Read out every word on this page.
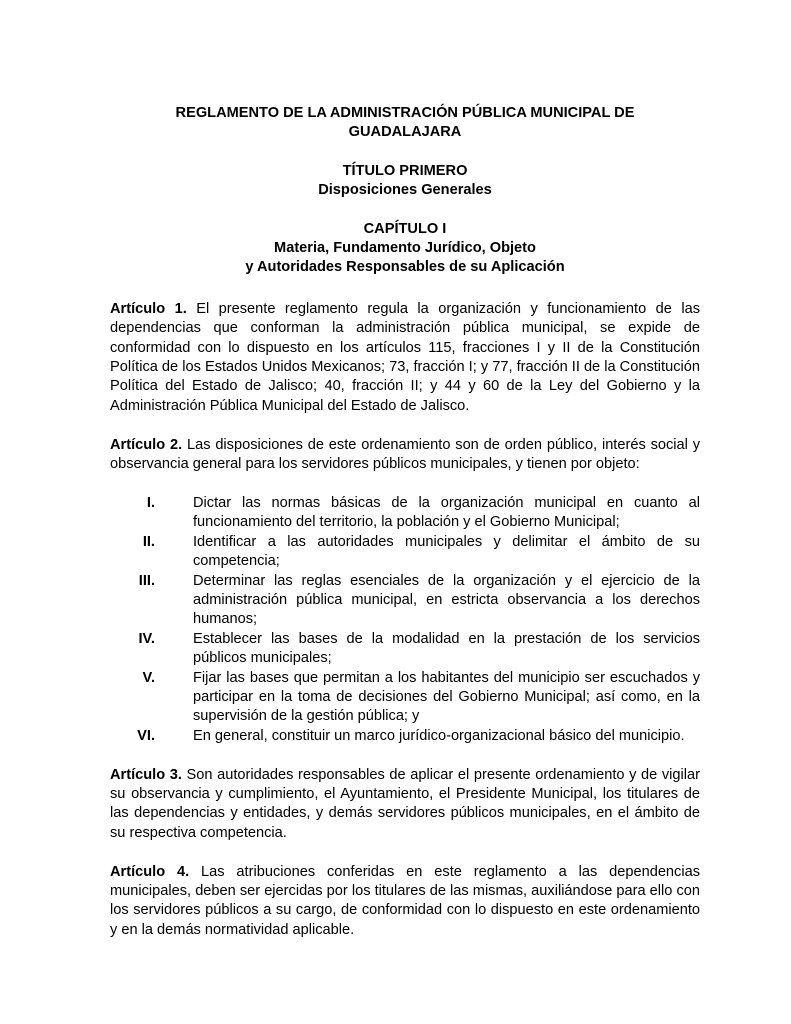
REGLAMENTO DE LA ADMINISTRACIÓN PÚBLICA MUNICIPAL DE
GUADALAJARA
TÍTULO PRIMERO
Disposiciones Generales
CAPÍTULO I
Materia, Fundamento Jurídico, Objeto
y Autoridades Responsables de su Aplicación

Artículo 1. El presente reglamento regula la organización y funcionamiento de las dependencias que conforman la administración pública municipal, se expide de conformidad con lo dispuesto en los artículos 115, fracciones I y II de la Constitución Política de los Estados Unidos Mexicanos; 73, fracción I; y 77, fracción II de la Constitución Política del Estado de Jalisco; 40, fracción II; y 44 y 60 de la Ley del Gobierno y la Administración Pública Municipal del Estado de Jalisco.

Artículo 2. Las disposiciones de este ordenamiento son de orden público, interés social y observancia general para los servidores públicos municipales, y tienen por objeto:

I.	Dictar las normas básicas de la organización municipal en cuanto al funcionamiento del territorio, la población y el Gobierno Municipal;
II.	Identificar a las autoridades municipales y delimitar el ámbito de su competencia;
III.	Determinar las reglas esenciales de la organización y el ejercicio de la administración pública municipal, en estricta observancia a los derechos humanos;
IV.	Establecer las bases de la modalidad en la prestación de los servicios públicos municipales;
V.	Fijar las bases que permitan a los habitantes del municipio ser escuchados y participar en la toma de decisiones del Gobierno Municipal; así como, en la supervisión de la gestión pública; y
VI.	En general, constituir un marco jurídico-organizacional básico del municipio.

Artículo 3. Son autoridades responsables de aplicar el presente ordenamiento y de vigilar su observancia y cumplimiento, el Ayuntamiento, el Presidente Municipal, los titulares de las dependencias y entidades, y demás servidores públicos municipales, en el ámbito de su respectiva competencia.

Artículo 4. Las atribuciones conferidas en este reglamento a las dependencias municipales, deben ser ejercidas por los titulares de las mismas, auxiliándose para ello con los servidores públicos a su cargo, de conformidad con lo dispuesto en este ordenamiento y en la demás normatividad aplicable.
